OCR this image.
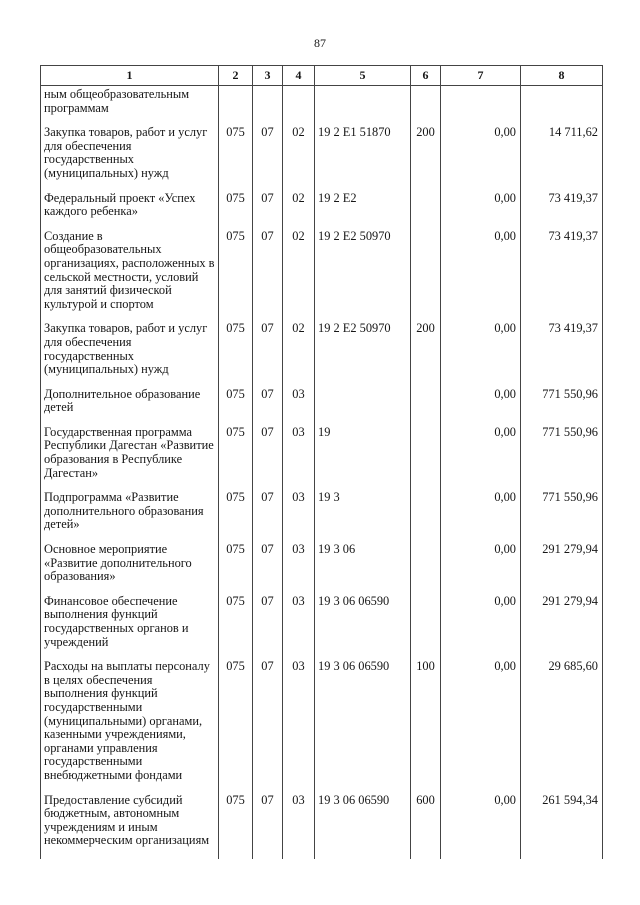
87
1	2	3	4	5	6	7	8
ным общеобразовательным программам							
Закупка товаров, работ и услуг для обеспечения государственных (муниципальных) нужд	075	07	02	19 2 E1 51870	200	0,00	14 711,62
Федеральный проект «Успех каждого ребенка»	075	07	02	19 2 E2		0,00	73 419,37
Создание в общеобразовательных организациях, расположенных в сельской местности, условий для занятий физической культурой и спортом	075	07	02	19 2 E2 50970		0,00	73 419,37
Закупка товаров, работ и услуг для обеспечения государственных (муниципальных) нужд	075	07	02	19 2 E2 50970	200	0,00	73 419,37
Дополнительное образование детей	075	07	03			0,00	771 550,96
Государственная программа Республики Дагестан «Развитие образования в Республике Дагестан»	075	07	03	19		0,00	771 550,96
Подпрограмма «Развитие дополнительного образования детей»	075	07	03	19 3		0,00	771 550,96
Основное мероприятие «Развитие дополнительного образования»	075	07	03	19 3 06		0,00	291 279,94
Финансовое обеспечение выполнения функций государственных органов и учреждений	075	07	03	19 3 06 06590		0,00	291 279,94
Расходы на выплаты персоналу в целях обеспечения выполнения функций государственными (муниципальными) органами, казенными учреждениями, органами управления государственными внебюджетными фондами	075	07	03	19 3 06 06590	100	0,00	29 685,60
Предоставление субсидий бюджетным, автономным учреждениям и иным некоммерческим организациям	075	07	03	19 3 06 06590	600	0,00	261 594,34
